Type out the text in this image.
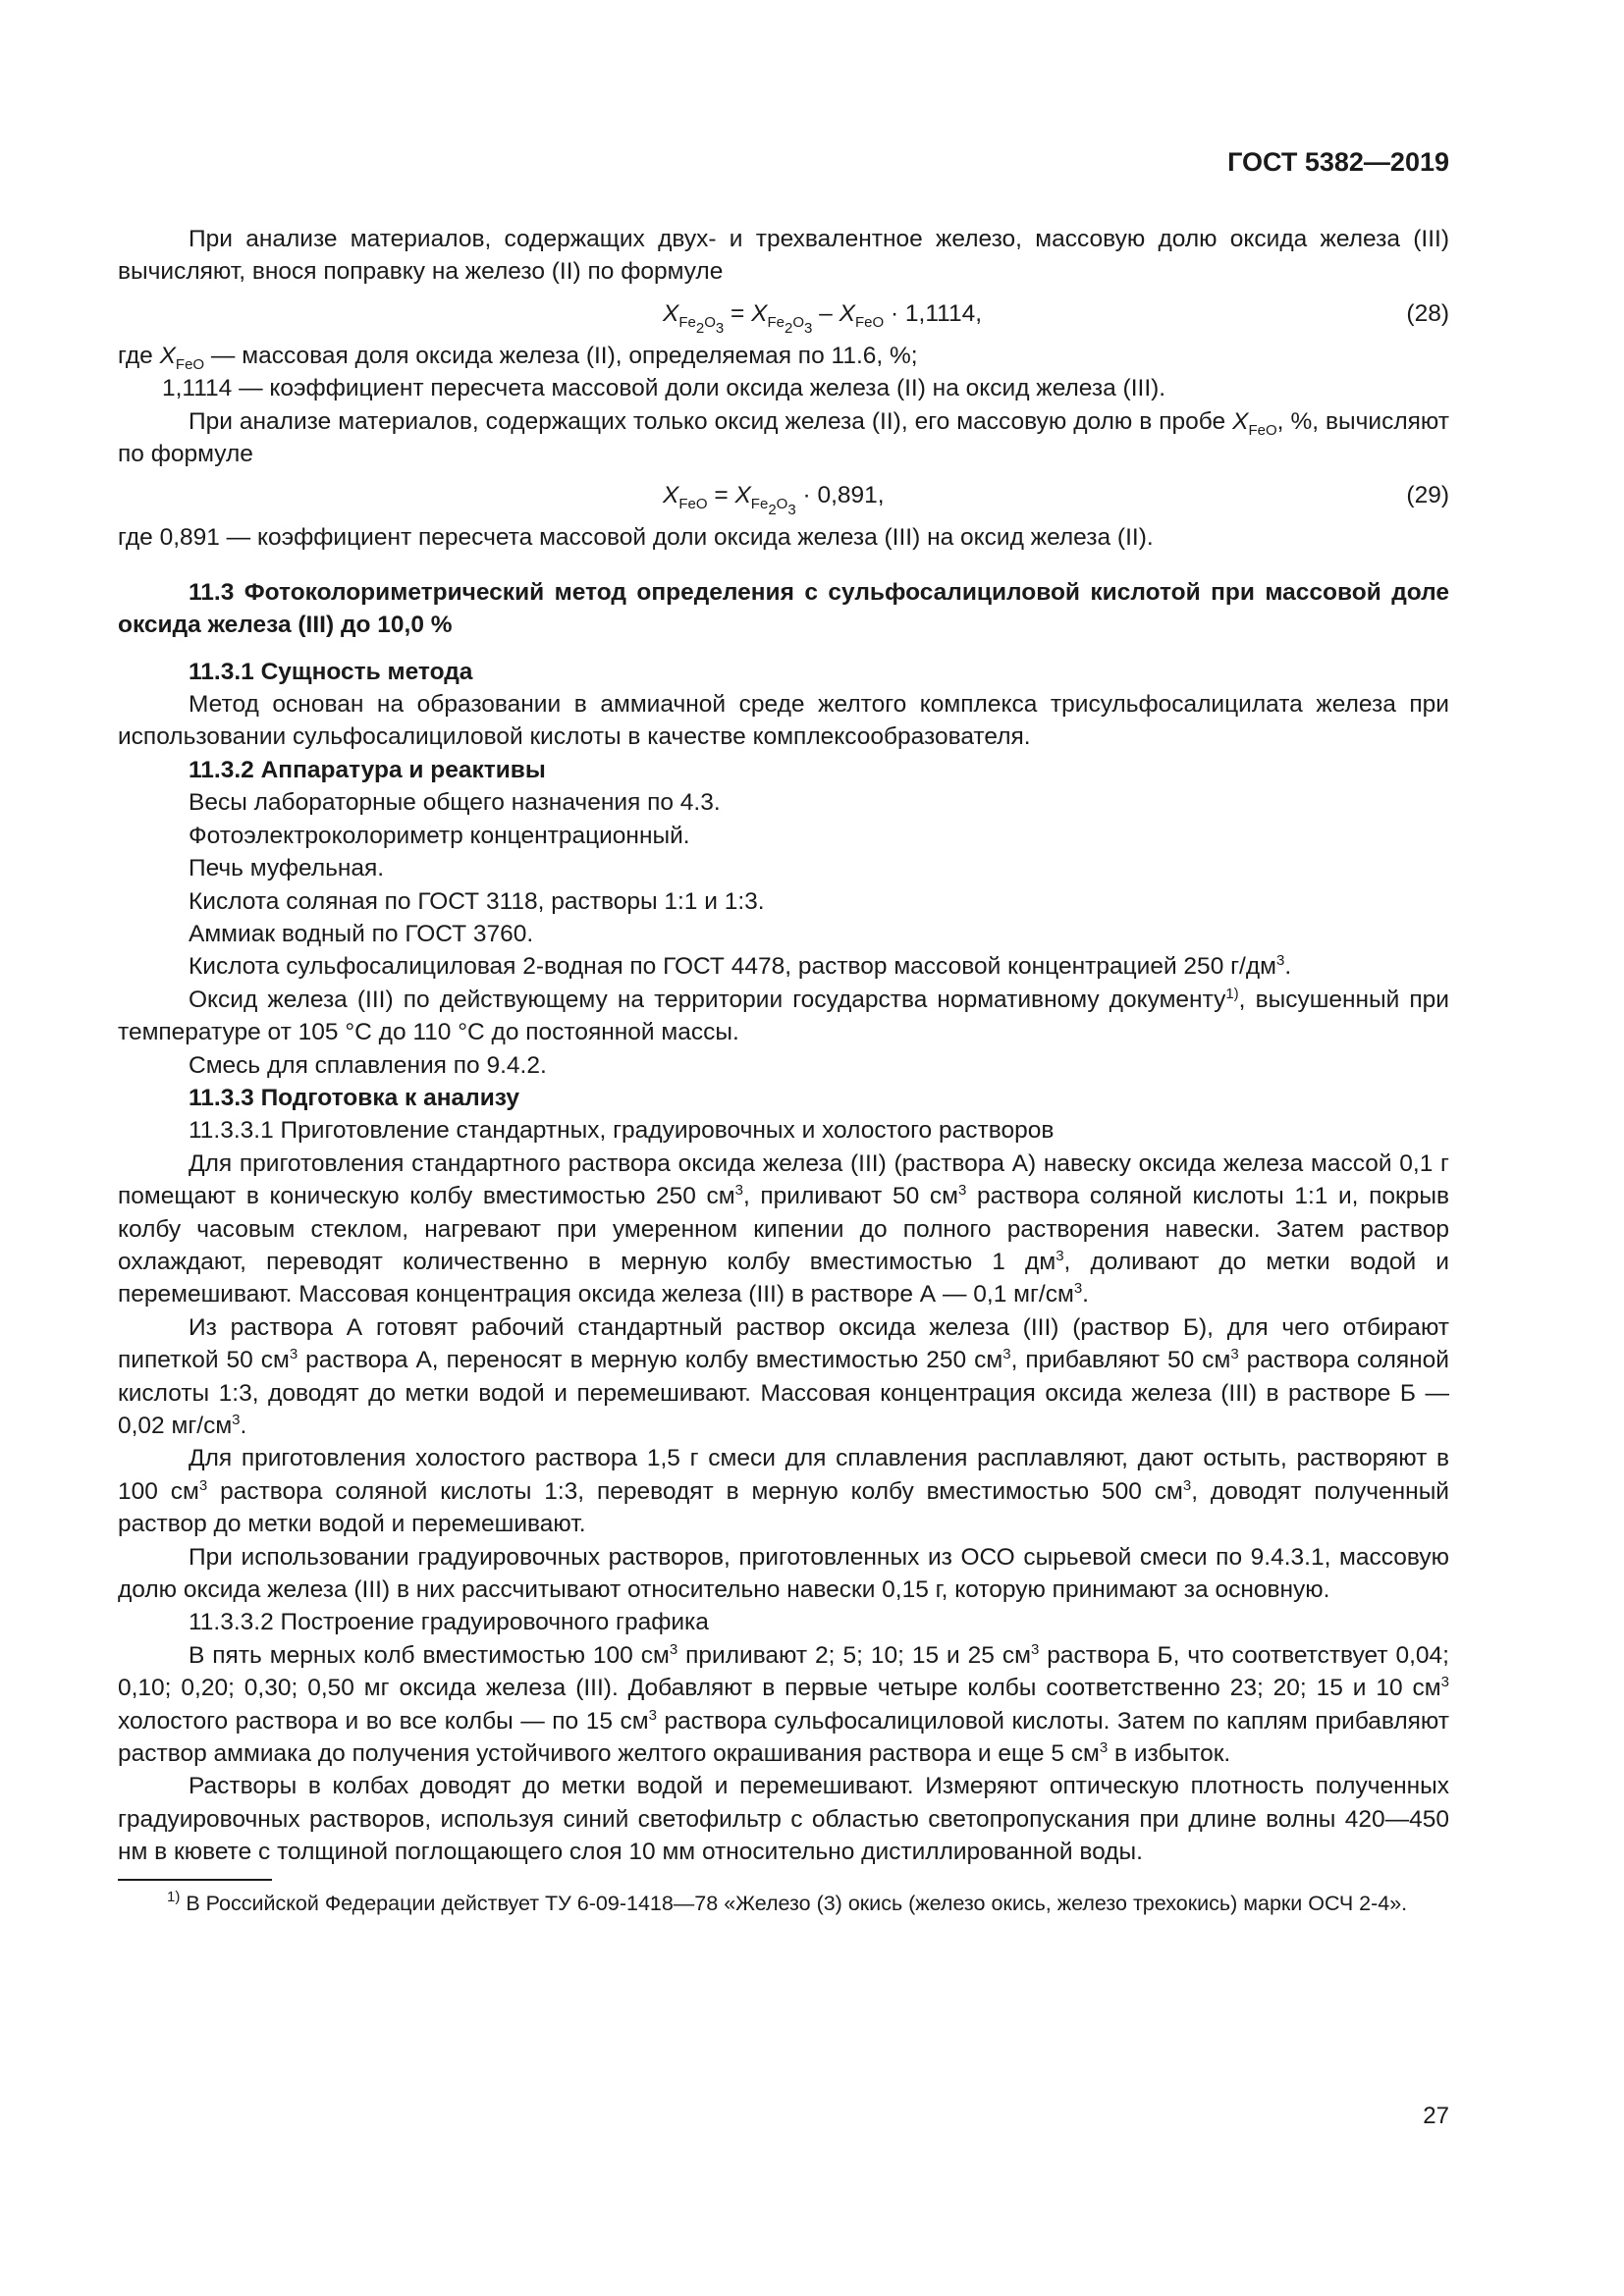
ГОСТ 5382—2019

При анализе материалов, содержащих двух- и трехвалентное железо, массовую долю оксида железа (III) вычисляют, внося поправку на железо (II) по формуле

$X_{Fe_2O_3} = X_{Fe_2O_3} - X_{FeO} \cdot 1,1114$,	(28)

где $X_{FeO}$ — массовая доля оксида железа (II), определяемая по 11.6, %;

1,1114 — коэффициент пересчета массовой доли оксида железа (II) на оксид железа (III).

При анализе материалов, содержащих только оксид железа (II), его массовую долю в пробе $X_{FeO}$, %, вычисляют по формуле

$X_{FeO} = X_{Fe_2O_3} \cdot 0,891$,	(29)

где 0,891 — коэффициент пересчета массовой доли оксида железа (III) на оксид железа (II).

11.3 Фотоколориметрический метод определения с сульфосалициловой кислотой при массовой доле оксида железа (III) до 10,0 %

11.3.1 Сущность метода

Метод основан на образовании в аммиачной среде желтого комплекса трисульфосалицилата железа при использовании сульфосалициловой кислоты в качестве комплексообразователя.

11.3.2 Аппаратура и реактивы

Весы лабораторные общего назначения по 4.3.

Фотоэлектроколориметр концентрационный.

Печь муфельная.

Кислота соляная по ГОСТ 3118, растворы 1:1 и 1:3.

Аммиак водный по ГОСТ 3760.

Кислота сульфосалициловая 2-водная по ГОСТ 4478, раствор массовой концентрацией 250 $г/дм^3$.

Оксид железа (III) по действующему на территории государства нормативному документу$^{1)}$, высушенный при температуре от 105 °С до 110 °С до постоянной массы.

Смесь для сплавления по 9.4.2.

11.3.3 Подготовка к анализу

11.3.3.1 Приготовление стандартных, градуировочных и холостого растворов

Для приготовления стандартного раствора оксида железа (III) (раствора А) навеску оксида железа массой 0,1 г помещают в коническую колбу вместимостью 250 $см^3$, приливают 50 $см^3$ раствора соляной кислоты 1:1 и, покрыв колбу часовым стеклом, нагревают при умеренном кипении до полного растворения навески. Затем раствор охлаждают, переводят количественно в мерную колбу вместимостью 1 $дм^3$, доливают до метки водой и перемешивают. Массовая концентрация оксида железа (III) в растворе А — 0,1 $мг/см^3$.

Из раствора А готовят рабочий стандартный раствор оксида железа (III) (раствор Б), для чего отбирают пипеткой 50 $см^3$ раствора А, переносят в мерную колбу вместимостью 250 $см^3$, прибавляют 50 $см^3$ раствора соляной кислоты 1:3, доводят до метки водой и перемешивают. Массовая концентрация оксида железа (III) в растворе Б — 0,02 $мг/см^3$.

Для приготовления холостого раствора 1,5 г смеси для сплавления расплавляют, дают остыть, растворяют в 100 $см^3$ раствора соляной кислоты 1:3, переводят в мерную колбу вместимостью 500 $см^3$, доводят полученный раствор до метки водой и перемешивают.

При использовании градуировочных растворов, приготовленных из ОСО сырьевой смеси по 9.4.3.1, массовую долю оксида железа (III) в них рассчитывают относительно навески 0,15 г, которую принимают за основную.

11.3.3.2 Построение градуировочного графика

В пять мерных колб вместимостью 100 $см^3$ приливают 2; 5; 10; 15 и 25 $см^3$ раствора Б, что соответствует 0,04; 0,10; 0,20; 0,30; 0,50 мг оксида железа (III). Добавляют в первые четыре колбы соответственно 23; 20; 15 и 10 $см^3$ холостого раствора и во все колбы — по 15 $см^3$ раствора сульфосалициловой кислоты. Затем по каплям прибавляют раствор аммиака до получения устойчивого желтого окрашивания раствора и еще 5 $см^3$ в избыток.

Растворы в колбах доводят до метки водой и перемешивают. Измеряют оптическую плотность полученных градуировочных растворов, используя синий светофильтр с областью светопропускания при длине волны 420—450 нм в кювете с толщиной поглощающего слоя 10 мм относительно дистиллированной воды.

$^{1)}$ В Российской Федерации действует ТУ 6-09-1418—78 «Железо (3) окись (железо окись, железо трехокись) марки ОСЧ 2-4».

27
